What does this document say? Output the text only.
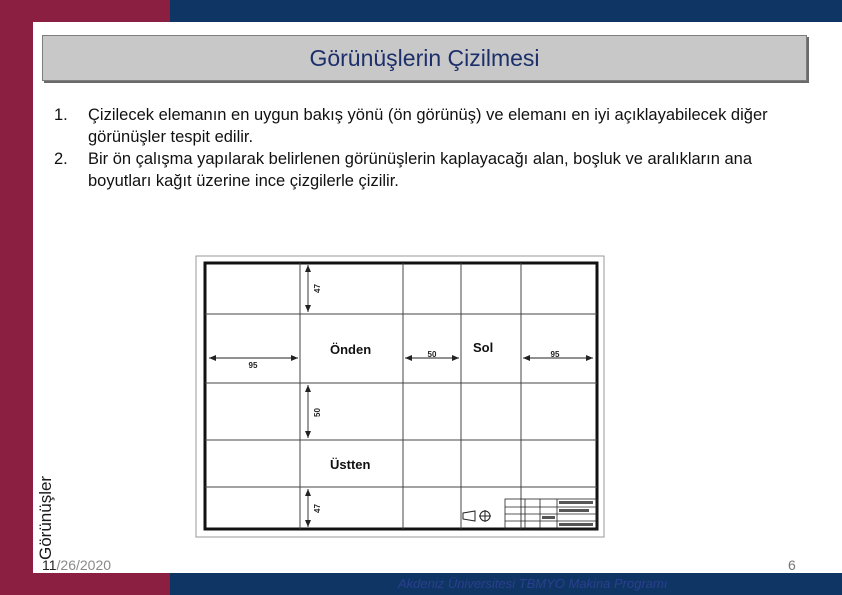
Görünüşler
Görünüşlerin Çizilmesi
1.	Çizilecek elemanın en uygun bakış yönü (ön görünüş) ve elemanı en iyi açıklayabilecek diğer görünüşler tespit edilir.
2.	Bir ön çalışma yapılarak belirlenen görünüşlerin kaplayacağı alan, boşluk ve aralıkların ana boyutları kağıt üzerine ince çizgilerle çizilir.
47
50
47
95
50	95
Önden	Sol
Üstten
11/26/2020	6
Akdeniz Üniversitesi TBMYO Makina Programı
